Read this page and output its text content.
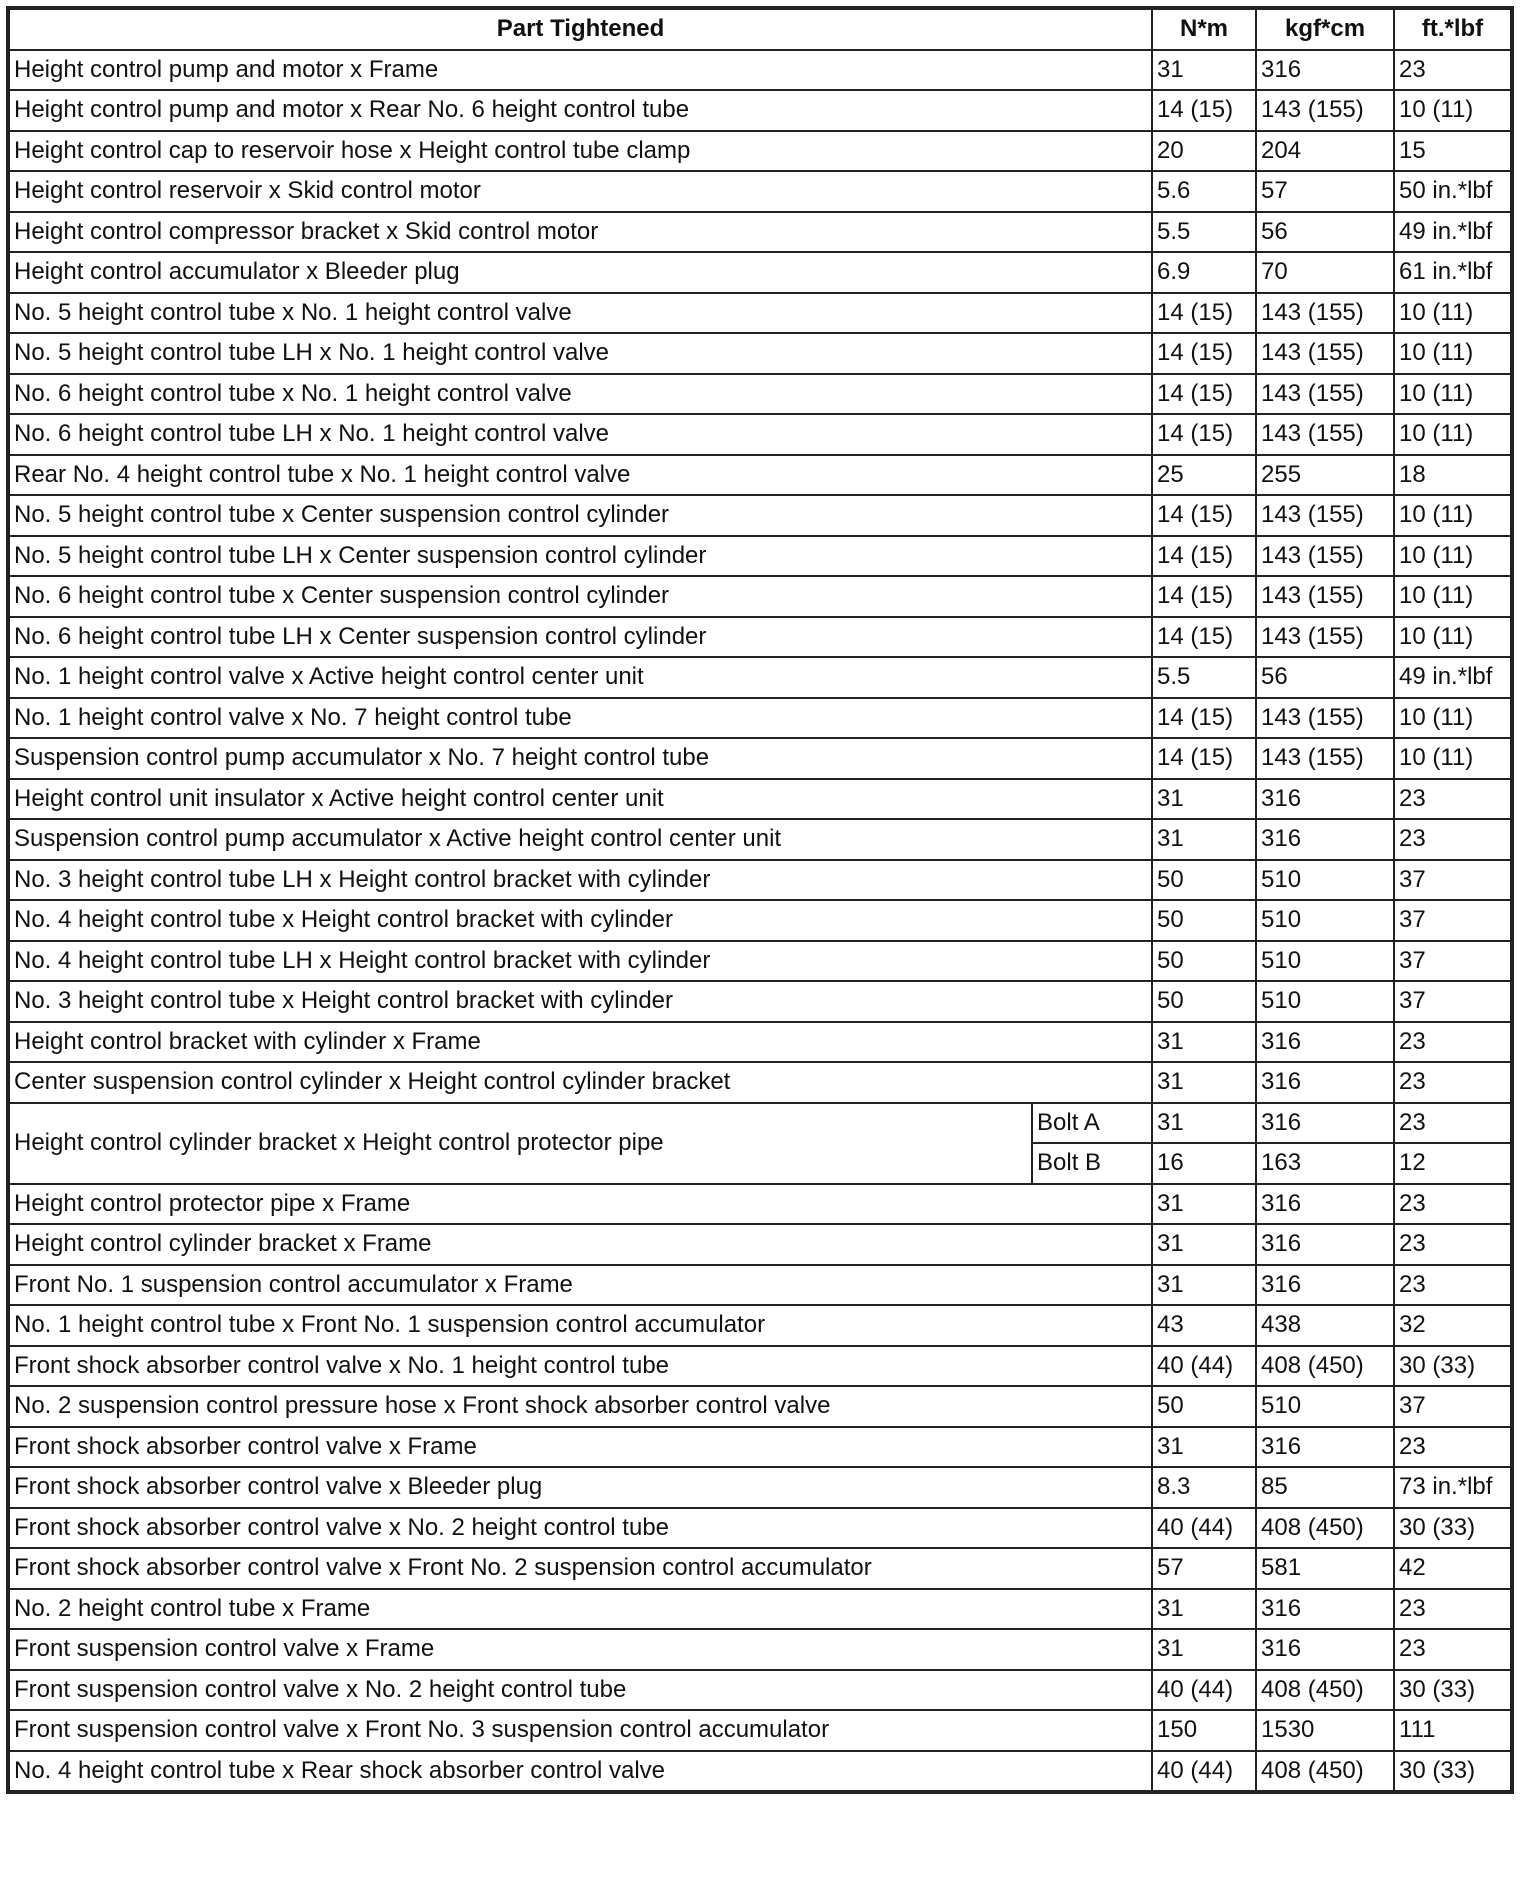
Part Tightened		N*m	kgf*cm	ft.*lbf
Height control pump and motor x Frame		31	316	23
Height control pump and motor x Rear No. 6 height control tube		14 (15)	143 (155)	10 (11)
Height control cap to reservoir hose x Height control tube clamp		20	204	15
Height control reservoir x Skid control motor		5.6	57	50 in.*lbf
Height control compressor bracket x Skid control motor		5.5	56	49 in.*lbf
Height control accumulator x Bleeder plug		6.9	70	61 in.*lbf
No. 5 height control tube x No. 1 height control valve		14 (15)	143 (155)	10 (11)
No. 5 height control tube LH x No. 1 height control valve		14 (15)	143 (155)	10 (11)
No. 6 height control tube x No. 1 height control valve		14 (15)	143 (155)	10 (11)
No. 6 height control tube LH x No. 1 height control valve		14 (15)	143 (155)	10 (11)
Rear No. 4 height control tube x No. 1 height control valve		25	255	18
No. 5 height control tube x Center suspension control cylinder		14 (15)	143 (155)	10 (11)
No. 5 height control tube LH x Center suspension control cylinder		14 (15)	143 (155)	10 (11)
No. 6 height control tube x Center suspension control cylinder		14 (15)	143 (155)	10 (11)
No. 6 height control tube LH x Center suspension control cylinder		14 (15)	143 (155)	10 (11)
No. 1 height control valve x Active height control center unit		5.5	56	49 in.*lbf
No. 1 height control valve x No. 7 height control tube		14 (15)	143 (155)	10 (11)
Suspension control pump accumulator x No. 7 height control tube		14 (15)	143 (155)	10 (11)
Height control unit insulator x Active height control center unit		31	316	23
Suspension control pump accumulator x Active height control center unit		31	316	23
No. 3 height control tube LH x Height control bracket with cylinder		50	510	37
No. 4 height control tube x Height control bracket with cylinder		50	510	37
No. 4 height control tube LH x Height control bracket with cylinder		50	510	37
No. 3 height control tube x Height control bracket with cylinder		50	510	37
Height control bracket with cylinder x Frame		31	316	23
Center suspension control cylinder x Height control cylinder bracket		31	316	23
Height control cylinder bracket x Height control protector pipe	Bolt A	31	316	23
	Bolt B	16	163	12
Height control protector pipe x Frame		31	316	23
Height control cylinder bracket x Frame		31	316	23
Front No. 1 suspension control accumulator x Frame		31	316	23
No. 1 height control tube x Front No. 1 suspension control accumulator		43	438	32
Front shock absorber control valve x No. 1 height control tube		40 (44)	408 (450)	30 (33)
No. 2 suspension control pressure hose x Front shock absorber control valve		50	510	37
Front shock absorber control valve x Frame		31	316	23
Front shock absorber control valve x Bleeder plug		8.3	85	73 in.*lbf
Front shock absorber control valve x No. 2 height control tube		40 (44)	408 (450)	30 (33)
Front shock absorber control valve x Front No. 2 suspension control accumulator		57	581	42
No. 2 height control tube x Frame		31	316	23
Front suspension control valve x Frame		31	316	23
Front suspension control valve x No. 2 height control tube		40 (44)	408 (450)	30 (33)
Front suspension control valve x Front No. 3 suspension control accumulator		150	1530	111
No. 4 height control tube x Rear shock absorber control valve		40 (44)	408 (450)	30 (33)
